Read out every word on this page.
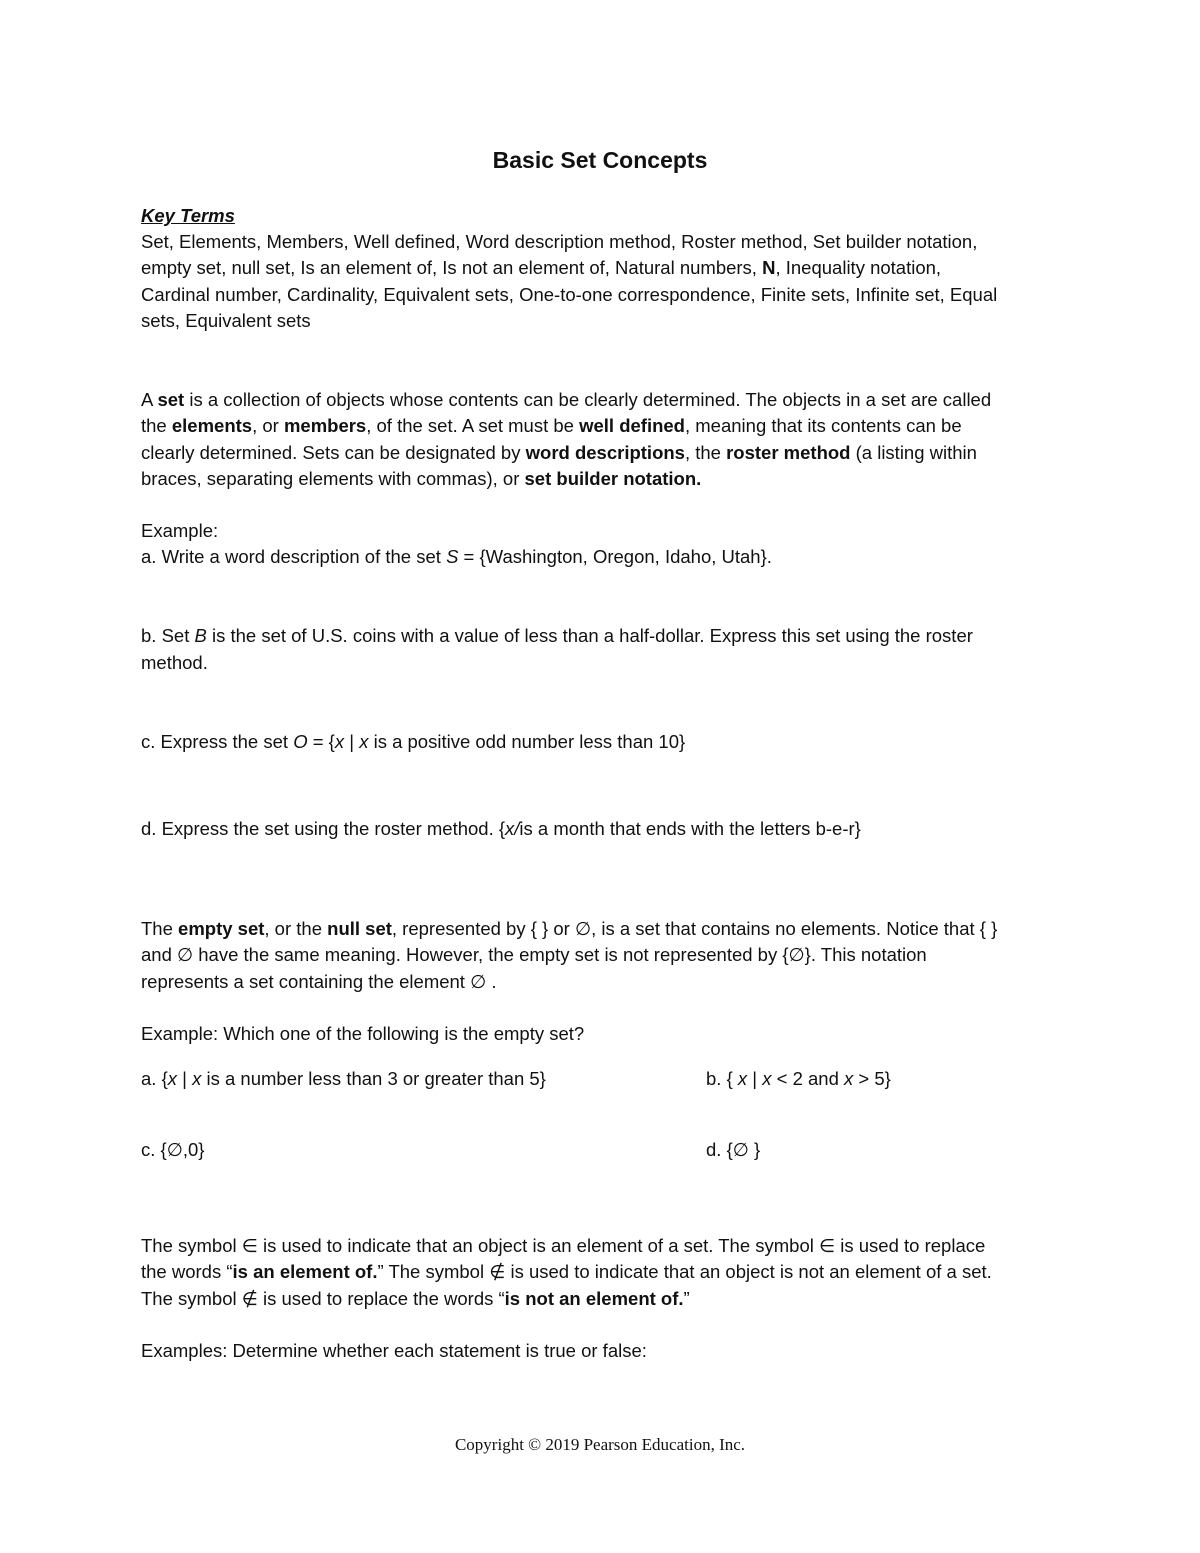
Basic Set Concepts
Key Terms
Set, Elements, Members, Well defined, Word description method, Roster method, Set builder notation,
empty set, null set, Is an element of, Is not an element of, Natural numbers, N, Inequality notation,
Cardinal number, Cardinality, Equivalent sets, One-to-one correspondence, Finite sets, Infinite set, Equal
sets, Equivalent sets
A set is a collection of objects whose contents can be clearly determined. The objects in a set are called
the elements, or members, of the set. A set must be well defined, meaning that its contents can be
clearly determined. Sets can be designated by word descriptions, the roster method (a listing within
braces, separating elements with commas), or set builder notation.
Example:
a. Write a word description of the set S = {Washington, Oregon, Idaho, Utah}.
b. Set B is the set of U.S. coins with a value of less than a half-dollar. Express this set using the roster
method.
c. Express the set O = {x | x is a positive odd number less than 10}
d. Express the set using the roster method. {x/is a month that ends with the letters b-e-r}
The empty set, or the null set, represented by { } or ∅, is a set that contains no elements. Notice that { }
and ∅ have the same meaning. However, the empty set is not represented by {∅}. This notation
represents a set containing the element ∅ .
Example: Which one of the following is the empty set?
a. {x | x is a number less than 3 or greater than 5}	b. { x | x < 2 and x > 5}
c. {∅,0}	d. {∅ }
The symbol ∈ is used to indicate that an object is an element of a set. The symbol ∈ is used to replace
the words “is an element of.” The symbol ∉ is used to indicate that an object is not an element of a set.
The symbol ∉ is used to replace the words “is not an element of.”
Examples: Determine whether each statement is true or false:
Copyright © 2019 Pearson Education, Inc.
